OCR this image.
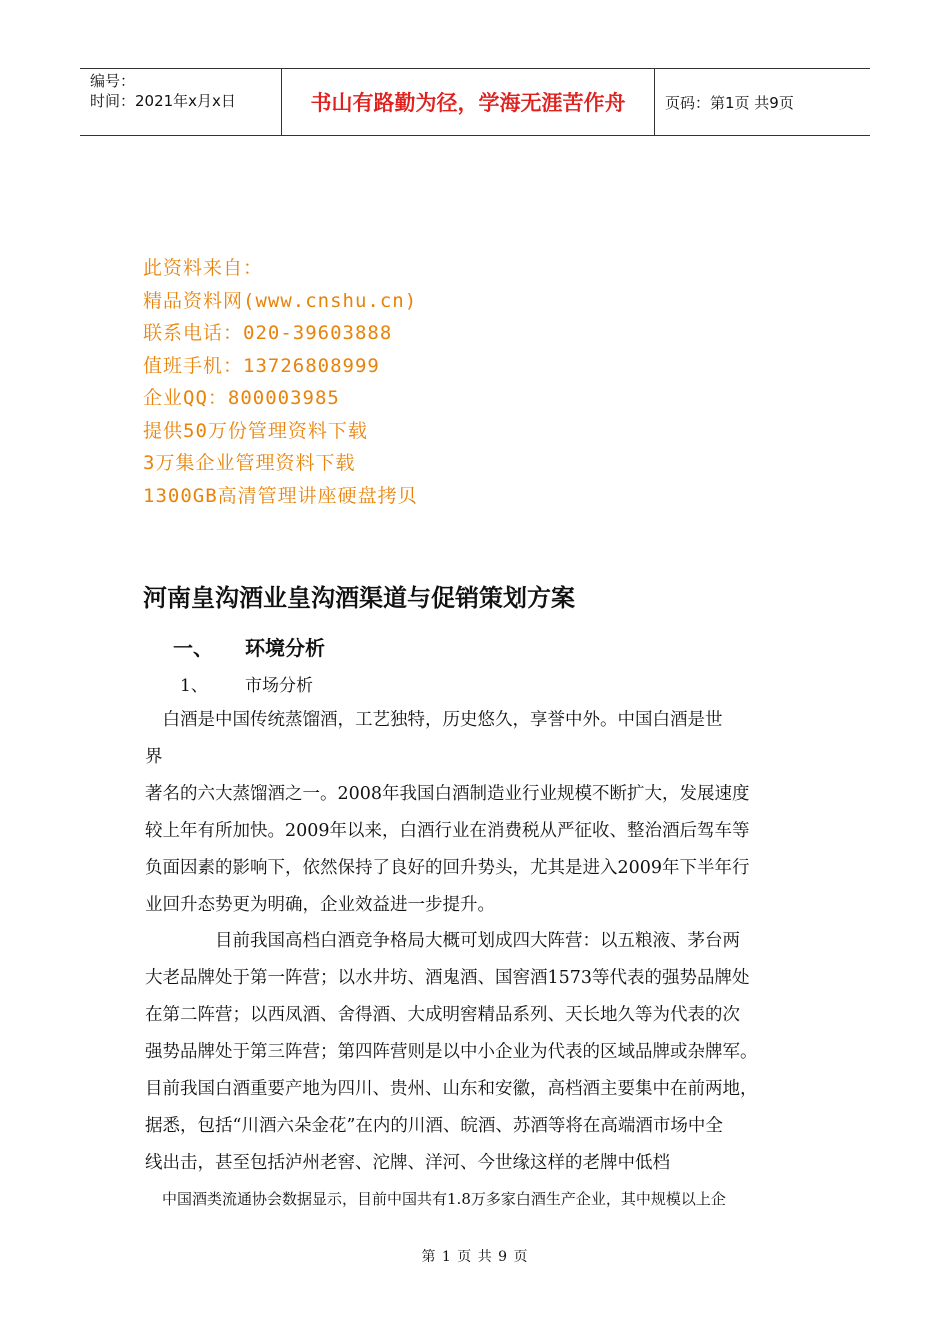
编号：
时间：2021年x月x日	书山有路勤为径，学海无涯苦作舟	页码：第1页 共9页
此资料来自：
精品资料网(www.cnshu.cn)
联系电话：020-39603888
值班手机：13726808999
企业QQ：800003985
提供50万份管理资料下载
3万集企业管理资料下载
1300GB高清管理讲座硬盘拷贝
河南皇沟酒业皇沟酒渠道与促销策划方案
一、 环境分析
1、 市场分析
　白酒是中国传统蒸馏酒，工艺独特，历史悠久，享誉中外。中国白酒是世
界
著名的六大蒸馏酒之一。2008年我国白酒制造业行业规模不断扩大，发展速度
较上年有所加快。2009年以来，白酒行业在消费税从严征收、整治酒后驾车等
负面因素的影响下，依然保持了良好的回升势头，尤其是进入2009年下半年行
业回升态势更为明确，企业效益进一步提升。
　　　　目前我国高档白酒竞争格局大概可划成四大阵营：以五粮液、茅台两
大老品牌处于第一阵营；以水井坊、酒鬼酒、国窖酒1573等代表的强势品牌处
在第二阵营；以西凤酒、舍得酒、大成明窖精品系列、天长地久等为代表的次
强势品牌处于第三阵营；第四阵营则是以中小企业为代表的区域品牌或杂牌军。
目前我国白酒重要产地为四川、贵州、山东和安徽，高档酒主要集中在前两地，
据悉，包括“川酒六朵金花”在内的川酒、皖酒、苏酒等将在高端酒市场中全
线出击，甚至包括泸州老窖、沱牌、洋河、今世缘这样的老牌中低档
中国酒类流通协会数据显示，目前中国共有1.8万多家白酒生产企业，其中规模以上企
第 1 页 共 9 页
